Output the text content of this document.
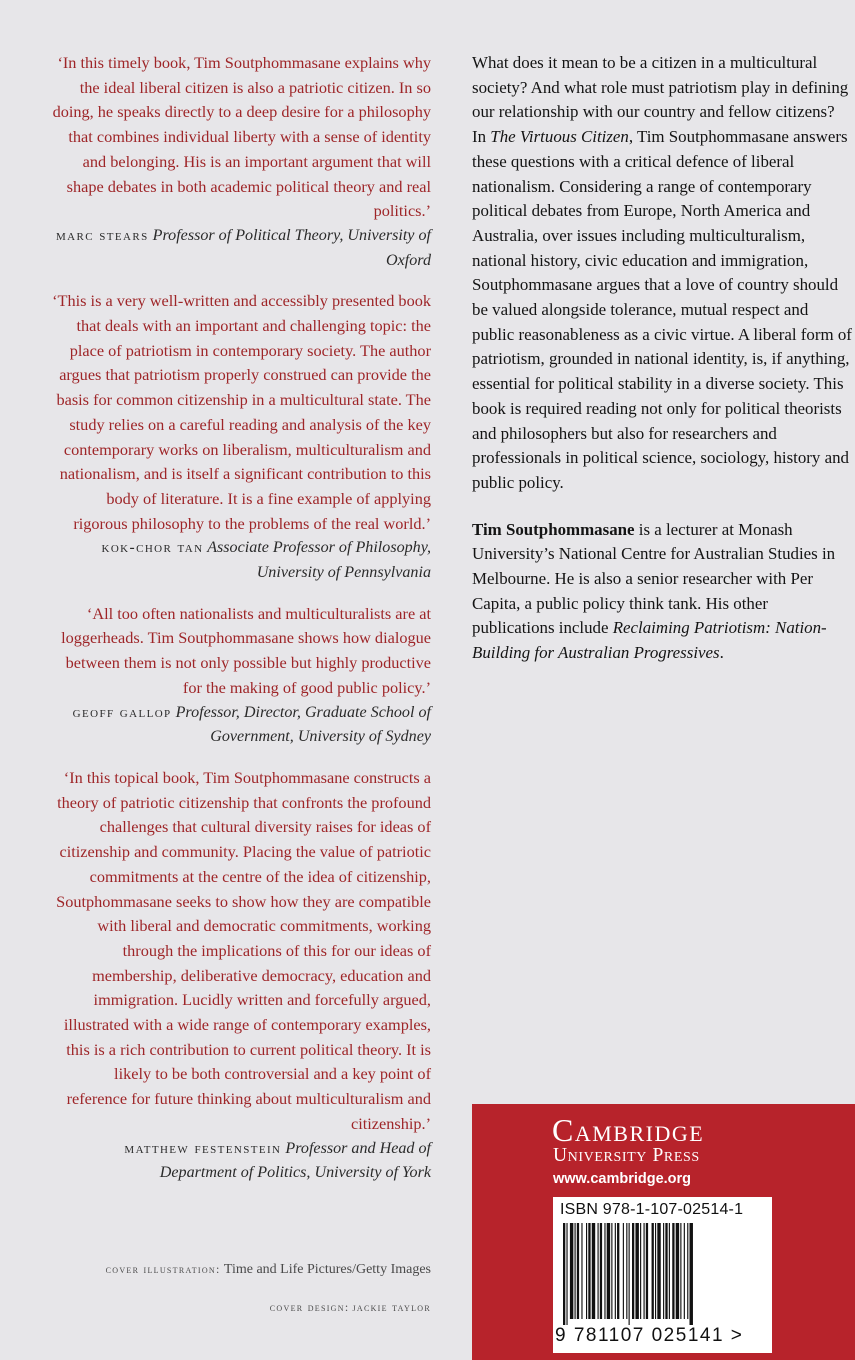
‘In this timely book, Tim Soutphommasane explains why the ideal liberal citizen is also a patriotic citizen. In so doing, he speaks directly to a deep desire for a philosophy that combines individual liberty with a sense of identity and belonging. His is an important argument that will shape debates in both academic political theory and real politics.’

marc stears Professor of Political Theory, University of Oxford

‘This is a very well-written and accessibly presented book that deals with an important and challenging topic: the place of patriotism in contemporary society. The author argues that patriotism properly construed can provide the basis for common citizenship in a multicultural state. The study relies on a careful reading and analysis of the key contemporary works on liberalism, multiculturalism and nationalism, and is itself a significant contribution to this body of literature. It is a fine example of applying rigorous philosophy to the problems of the real world.’

kok-chor tan Associate Professor of Philosophy, University of Pennsylvania

‘All too often nationalists and multiculturalists are at loggerheads. Tim Soutphommasane shows how dialogue between them is not only possible but highly productive for the making of good public policy.’

geoff gallop Professor, Director, Graduate School of Government, University of Sydney

‘In this topical book, Tim Soutphommasane constructs a theory of patriotic citizenship that confronts the profound challenges that cultural diversity raises for ideas of citizenship and community. Placing the value of patriotic commitments at the centre of the idea of citizenship, Soutphommasane seeks to show how they are compatible with liberal and democratic commitments, working through the implications of this for our ideas of membership, deliberative democracy, education and immigration. Lucidly written and forcefully argued, illustrated with a wide range of contemporary examples, this is a rich contribution to current political theory. It is likely to be both controversial and a key point of reference for future thinking about multiculturalism and citizenship.’

matthew festenstein Professor and Head of Department of Politics, University of York

cover illustration: Time and Life Pictures/Getty Images
cover design: jackie taylor

What does it mean to be a citizen in a multicultural society? And what role must patriotism play in defining our relationship with our country and fellow citizens? In The Virtuous Citizen, Tim Soutphommasane answers these questions with a critical defence of liberal nationalism. Considering a range of contemporary political debates from Europe, North America and Australia, over issues including multiculturalism, national history, civic education and immigration, Soutphommasane argues that a love of country should be valued alongside tolerance, mutual respect and public reasonableness as a civic virtue. A liberal form of patriotism, grounded in national identity, is, if anything, essential for political stability in a diverse society. This book is required reading not only for political theorists and philosophers but also for researchers and professionals in political science, sociology, history and public policy.

Tim Soutphommasane is a lecturer at Monash University’s National Centre for Australian Studies in Melbourne. He is also a senior researcher with Per Capita, a public policy think tank. His other publications include Reclaiming Patriotism: Nation-Building for Australian Progressives.

Cambridge
University Press
www.cambridge.org
ISBN 978-1-107-02514-1
9 781107 025141 >
